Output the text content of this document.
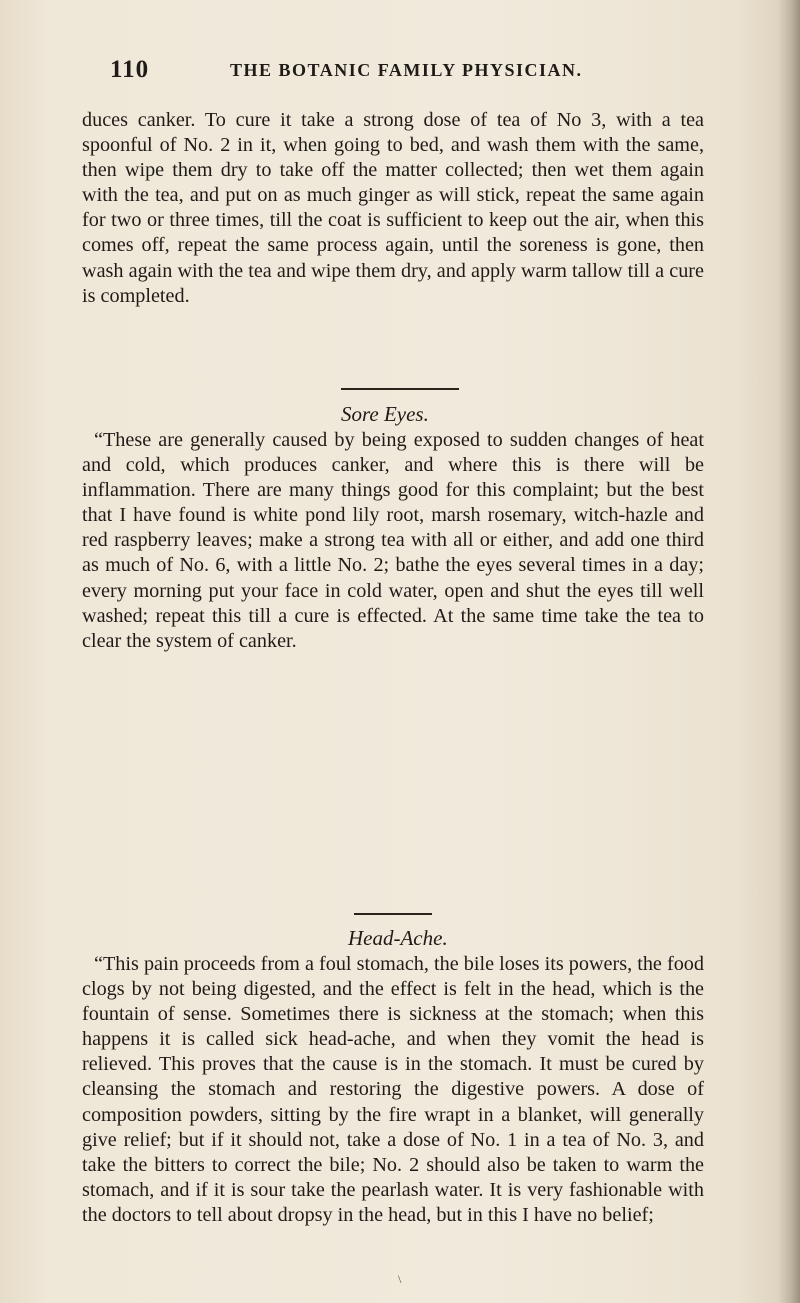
110	THE BOTANIC FAMILY PHYSICIAN.

duces canker. To cure it take a strong dose of tea of No 3, with a tea spoonful of No. 2 in it, when going to bed, and wash them with the same, then wipe them dry to take off the matter collected; then wet them again with the tea, and put on as much ginger as will stick, repeat the same again for two or three times, till the coat is sufficient to keep out the air, when this comes off, repeat the same process again, until the soreness is gone, then wash again with the tea and wipe them dry, and apply warm tallow till a cure is completed.

Sore Eyes.

“These are generally caused by being exposed to sudden changes of heat and cold, which produces canker, and where this is there will be inflammation. There are many things good for this complaint; but the best that I have found is white pond lily root, marsh rosemary, witch-hazle and red raspberry leaves; make a strong tea with all or either, and add one third as much of No. 6, with a little No. 2; bathe the eyes several times in a day; every morning put your face in cold water, open and shut the eyes till well washed; repeat this till a cure is effected. At the same time take the tea to clear the system of canker.

Head-Ache.

“This pain proceeds from a foul stomach, the bile loses its powers, the food clogs by not being digested, and the effect is felt in the head, which is the fountain of sense. Sometimes there is sickness at the stomach; when this happens it is called sick head-ache, and when they vomit the head is relieved. This proves that the cause is in the stomach. It must be cured by cleansing the stomach and restoring the digestive powers. A dose of composition powders, sitting by the fire wrapt in a blanket, will generally give relief; but if it should not, take a dose of No. 1 in a tea of No. 3, and take the bitters to correct the bile; No. 2 should also be taken to warm the stomach, and if it is sour take the pearlash water. It is very fashionable with the doctors to tell about dropsy in the head, but in this I have no belief;

\
